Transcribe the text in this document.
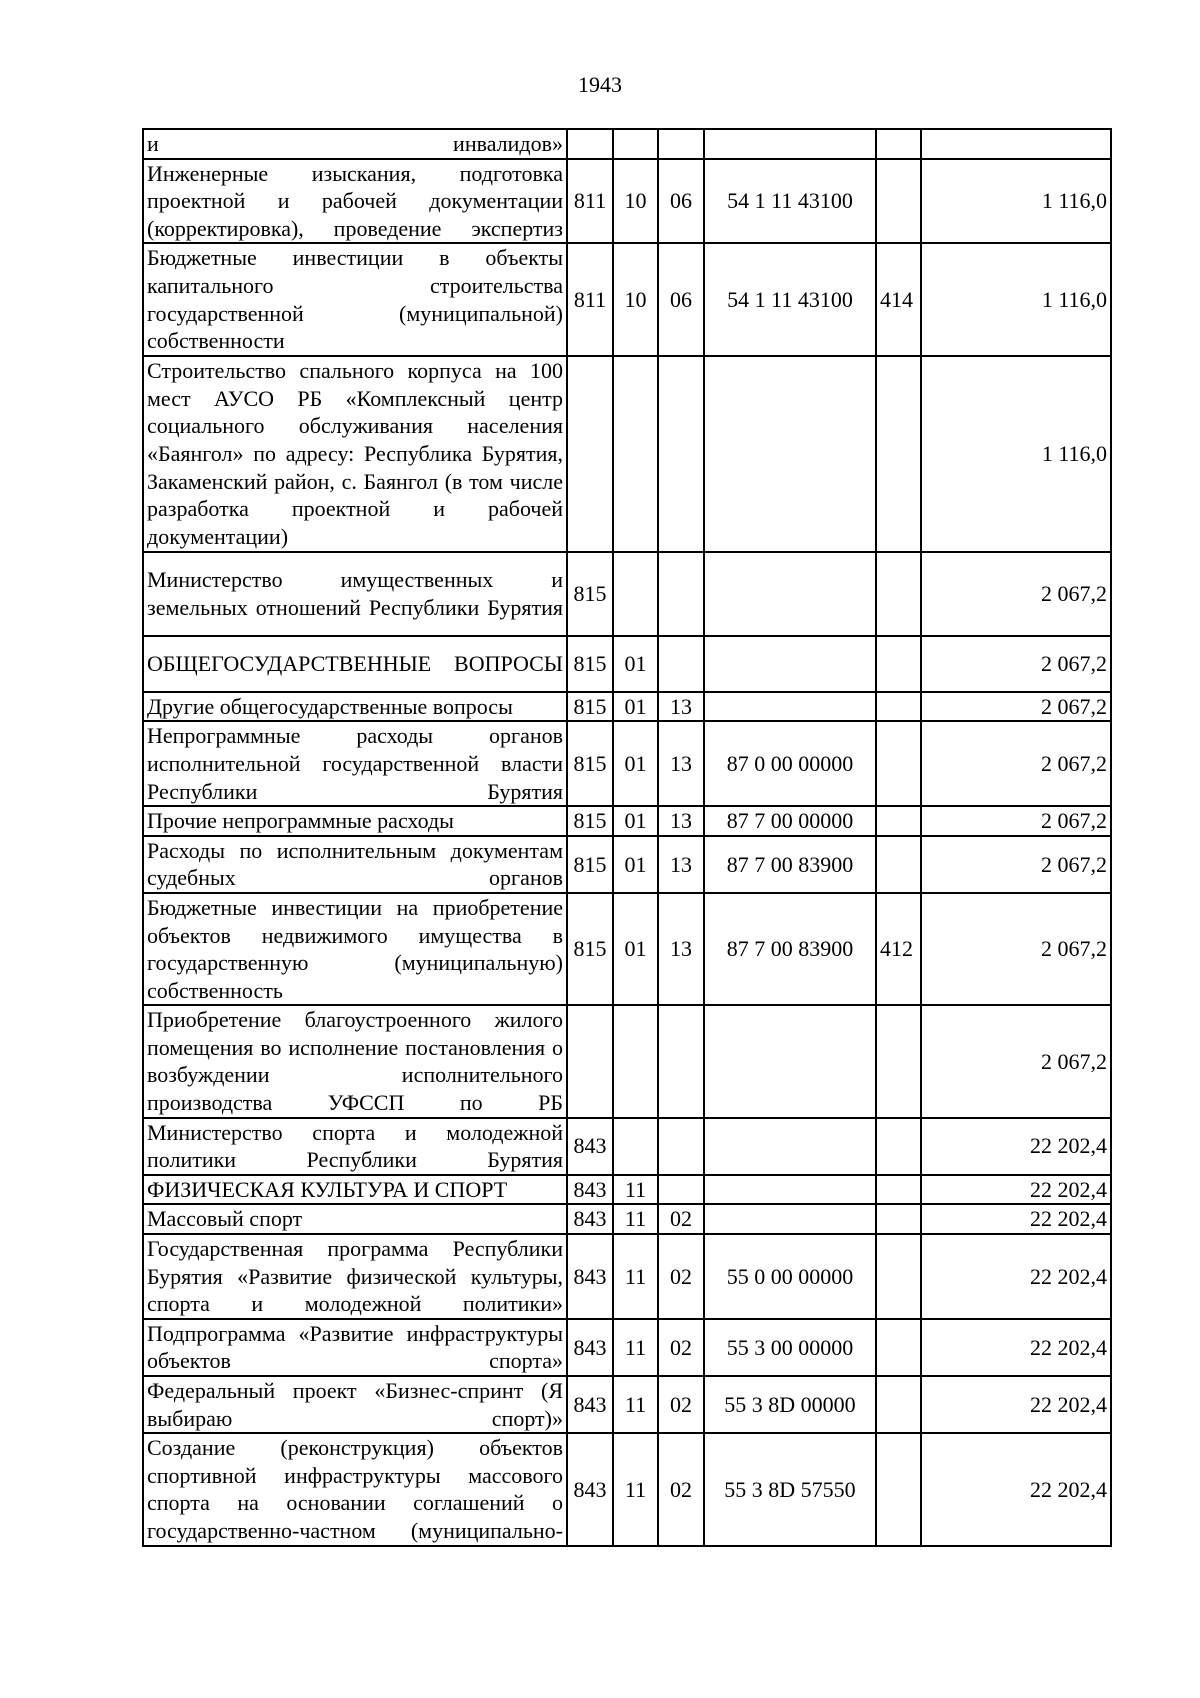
1943
и инвалидов»						
Инженерные изыскания, подготовка проектной и рабочей документации (корректировка), проведение экспертиз	811	10	06	54 1 11 43100		1 116,0
Бюджетные инвестиции в объекты капитального строительства государственной (муниципальной) собственности	811	10	06	54 1 11 43100	414	1 116,0
Строительство спального корпуса на 100 мест АУСО РБ «Комплексный центр социального обслуживания населения «Баянгол» по адресу: Республика Бурятия, Закаменский район, с. Баянгол (в том числе разработка проектной и рабочей документации)						1 116,0
Министерство имущественных и земельных отношений Республики Бурятия	815					2 067,2
ОБЩЕГОСУДАРСТВЕННЫЕ ВОПРОСЫ	815	01				2 067,2
Другие общегосударственные вопросы	815	01	13			2 067,2
Непрограммные расходы органов исполнительной государственной власти Республики Бурятия	815	01	13	87 0 00 00000		2 067,2
Прочие непрограммные расходы	815	01	13	87 7 00 00000		2 067,2
Расходы по исполнительным документам судебных органов	815	01	13	87 7 00 83900		2 067,2
Бюджетные инвестиции на приобретение объектов недвижимого имущества в государственную (муниципальную) собственность	815	01	13	87 7 00 83900	412	2 067,2
Приобретение благоустроенного жилого помещения во исполнение постановления о возбуждении исполнительного производства УФССП по РБ						2 067,2
Министерство спорта и молодежной политики Республики Бурятия	843					22 202,4
ФИЗИЧЕСКАЯ КУЛЬТУРА И СПОРТ	843	11				22 202,4
Массовый спорт	843	11	02			22 202,4
Государственная программа Республики Бурятия «Развитие физической культуры, спорта и молодежной политики»	843	11	02	55 0 00 00000		22 202,4
Подпрограмма «Развитие инфраструктуры объектов спорта»	843	11	02	55 3 00 00000		22 202,4
Федеральный проект «Бизнес-спринт (Я выбираю спорт)»	843	11	02	55 3 8D 00000		22 202,4
Создание (реконструкция) объектов спортивной инфраструктуры массового спорта на основании соглашений о государственно-частном (муниципально-	843	11	02	55 3 8D 57550		22 202,4
